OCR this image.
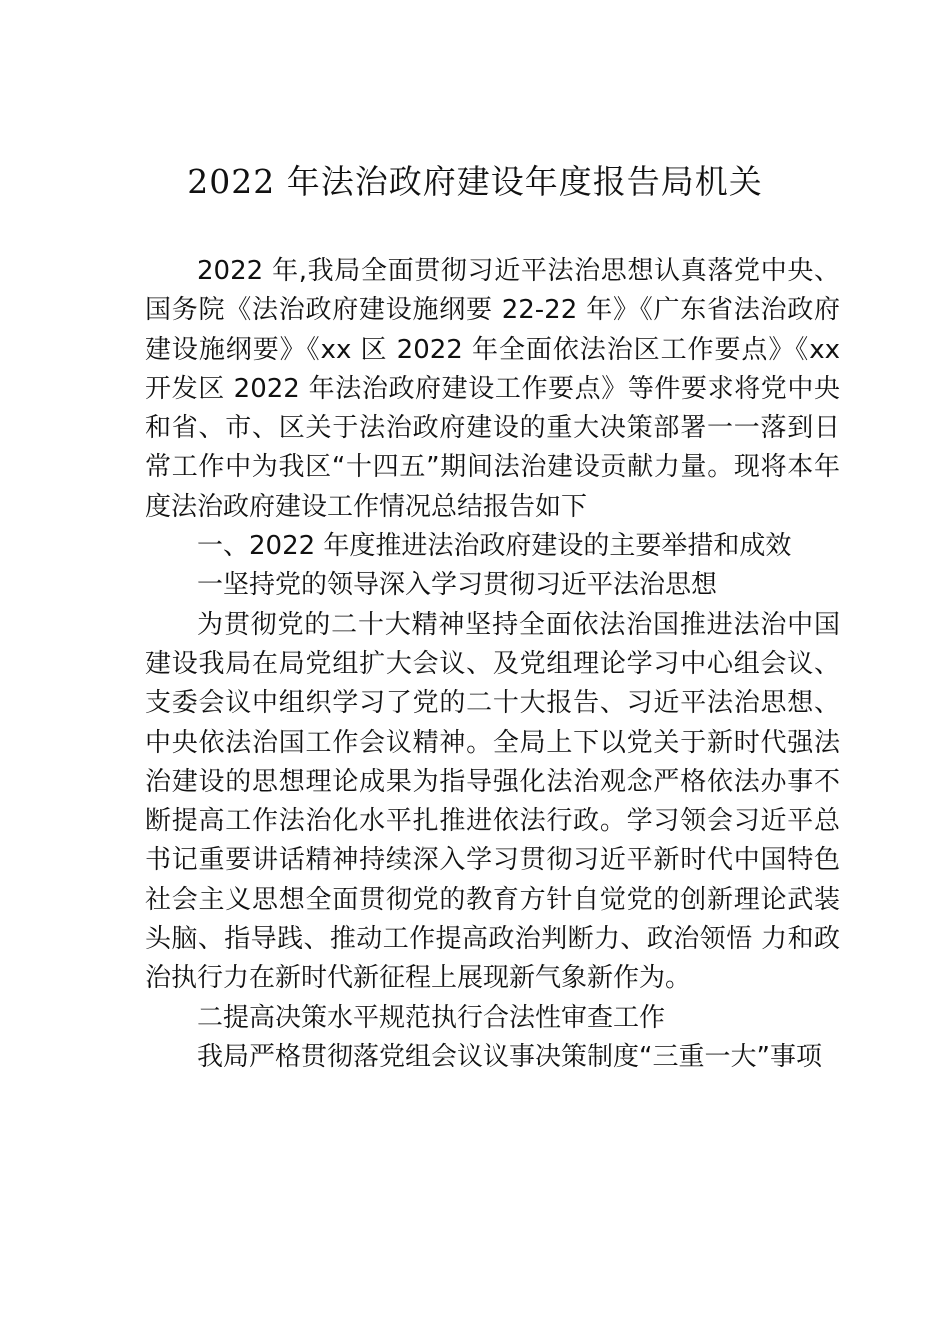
2022 年法治政府建设年度报告局机关

2022 年,我局全面贯彻习近平法治思想认真落党中央、国务院《法治政府建设施纲要 22-22 年》《广东省法治政府建设施纲要》《xx 区 2022 年全面依法治区工作要点》《xx 开发区 2022 年法治政府建设工作要点》等件要求将党中央和省、市、区关于法治政府建设的重大决策部署一一落到日常工作中为我区“十四五”期间法治建设贡献力量。现将本年度法治政府建设工作情况总结报告如下

一、2022 年度推进法治政府建设的主要举措和成效

一坚持党的领导深入学习贯彻习近平法治思想

为贯彻党的二十大精神坚持全面依法治国推进法治中国建设我局在局党组扩大会议、及党组理论学习中心组会议、支委会议中组织学习了党的二十大报告、习近平法治思想、中央依法治国工作会议精神。全局上下以党关于新时代强法治建设的思想理论成果为指导强化法治观念严格依法办事不断提高工作法治化水平扎推进依法行政。学习领会习近平总书记重要讲话精神持续深入学习贯彻习近平新时代中国特色社会主义思想全面贯彻党的教育方针自觉党的创新理论武装头脑、指导践、推动工作提高政治判断力、政治领悟 力和政治执行力在新时代新征程上展现新气象新作为。

二提高决策水平规范执行合法性审查工作

我局严格贯彻落党组会议议事决策制度“三重一大”事项
